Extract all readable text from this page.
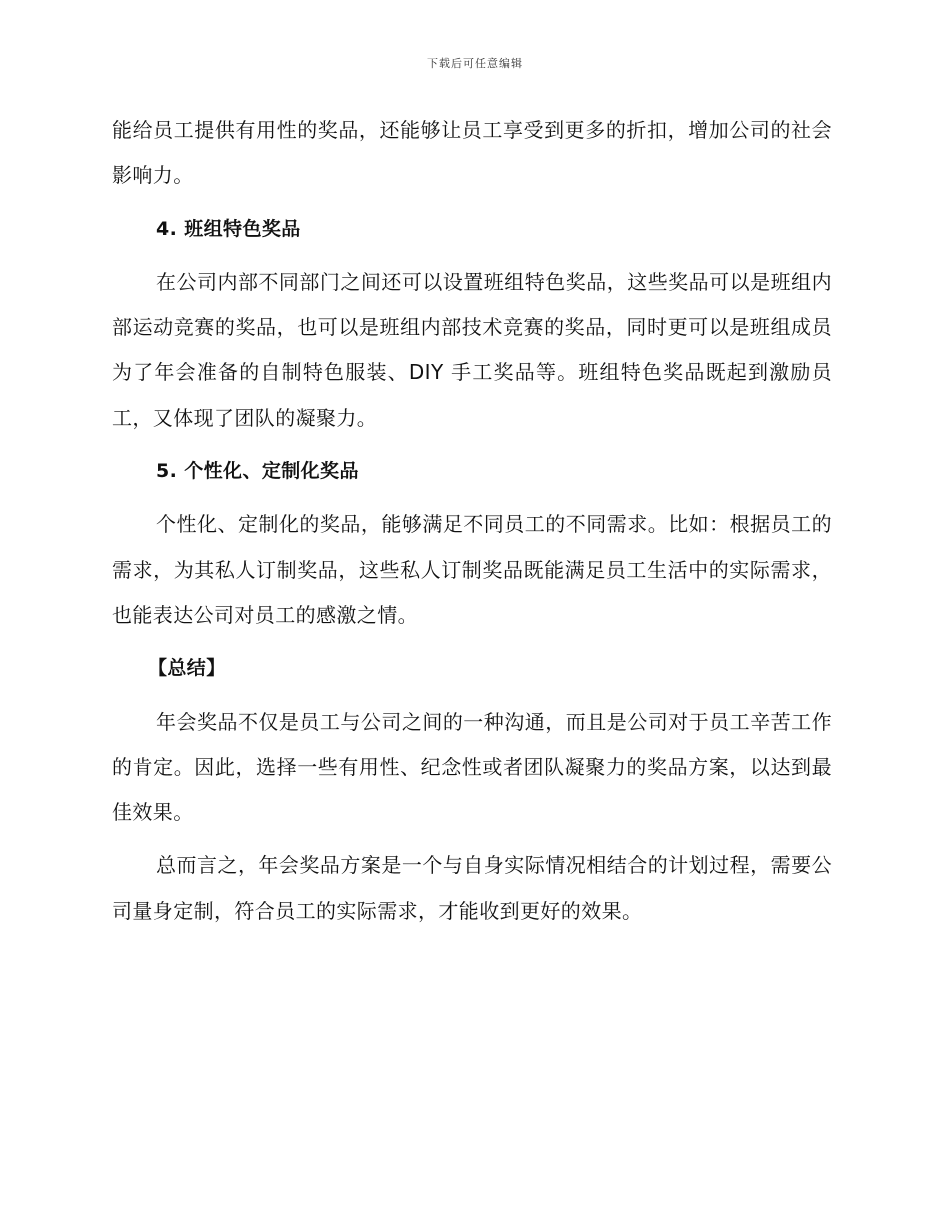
下载后可任意编辑

能给员工提供有用性的奖品，还能够让员工享受到更多的折扣，增加公司的社会影响力。

4. 班组特色奖品

在公司内部不同部门之间还可以设置班组特色奖品，这些奖品可以是班组内部运动竞赛的奖品，也可以是班组内部技术竞赛的奖品，同时更可以是班组成员为了年会准备的自制特色服装、DIY 手工奖品等。班组特色奖品既起到激励员工，又体现了团队的凝聚力。

5. 个性化、定制化奖品

个性化、定制化的奖品，能够满足不同员工的不同需求。比如：根据员工的需求，为其私人订制奖品，这些私人订制奖品既能满足员工生活中的实际需求，也能表达公司对员工的感激之情。

【总结】

年会奖品不仅是员工与公司之间的一种沟通，而且是公司对于员工辛苦工作的肯定。因此，选择一些有用性、纪念性或者团队凝聚力的奖品方案，以达到最佳效果。

总而言之，年会奖品方案是一个与自身实际情况相结合的计划过程，需要公司量身定制，符合员工的实际需求，才能收到更好的效果。
